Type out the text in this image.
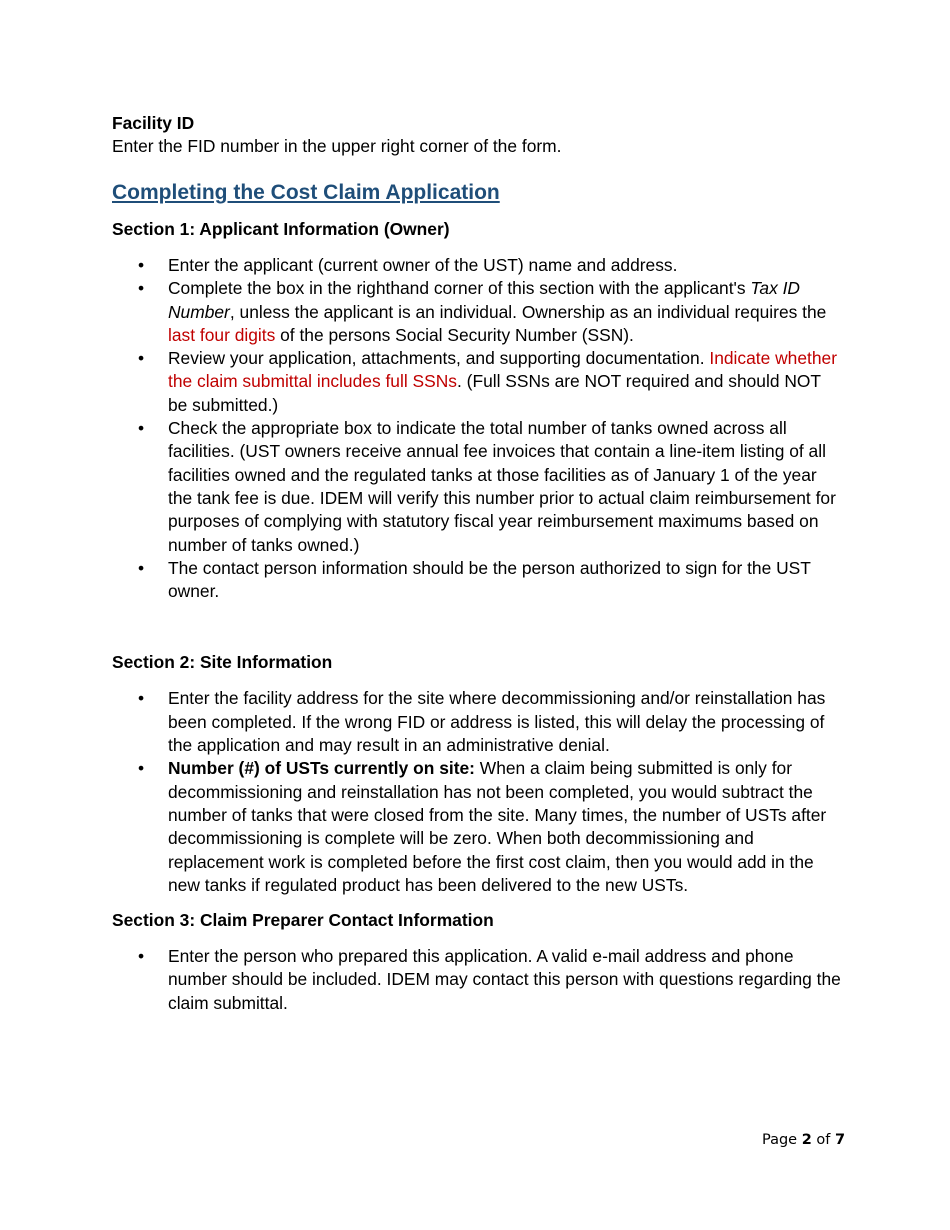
Facility ID
Enter the FID number in the upper right corner of the form.
Completing the Cost Claim Application
Section 1: Applicant Information (Owner)
• Enter the applicant (current owner of the UST) name and address.
• Complete the box in the righthand corner of this section with the applicant's Tax ID Number, unless the applicant is an individual. Ownership as an individual requires the last four digits of the persons Social Security Number (SSN).
• Review your application, attachments, and supporting documentation. Indicate whether the claim submittal includes full SSNs. (Full SSNs are NOT required and should NOT be submitted.)
• Check the appropriate box to indicate the total number of tanks owned across all facilities. (UST owners receive annual fee invoices that contain a line-item listing of all facilities owned and the regulated tanks at those facilities as of January 1 of the year the tank fee is due. IDEM will verify this number prior to actual claim reimbursement for purposes of complying with statutory fiscal year reimbursement maximums based on number of tanks owned.)
• The contact person information should be the person authorized to sign for the UST owner.
Section 2: Site Information
• Enter the facility address for the site where decommissioning and/or reinstallation has been completed. If the wrong FID or address is listed, this will delay the processing of the application and may result in an administrative denial.
• Number (#) of USTs currently on site: When a claim being submitted is only for decommissioning and reinstallation has not been completed, you would subtract the number of tanks that were closed from the site. Many times, the number of USTs after decommissioning is complete will be zero. When both decommissioning and replacement work is completed before the first cost claim, then you would add in the new tanks if regulated product has been delivered to the new USTs.
Section 3: Claim Preparer Contact Information
• Enter the person who prepared this application. A valid e-mail address and phone number should be included. IDEM may contact this person with questions regarding the claim submittal.
Page 2 of 7
